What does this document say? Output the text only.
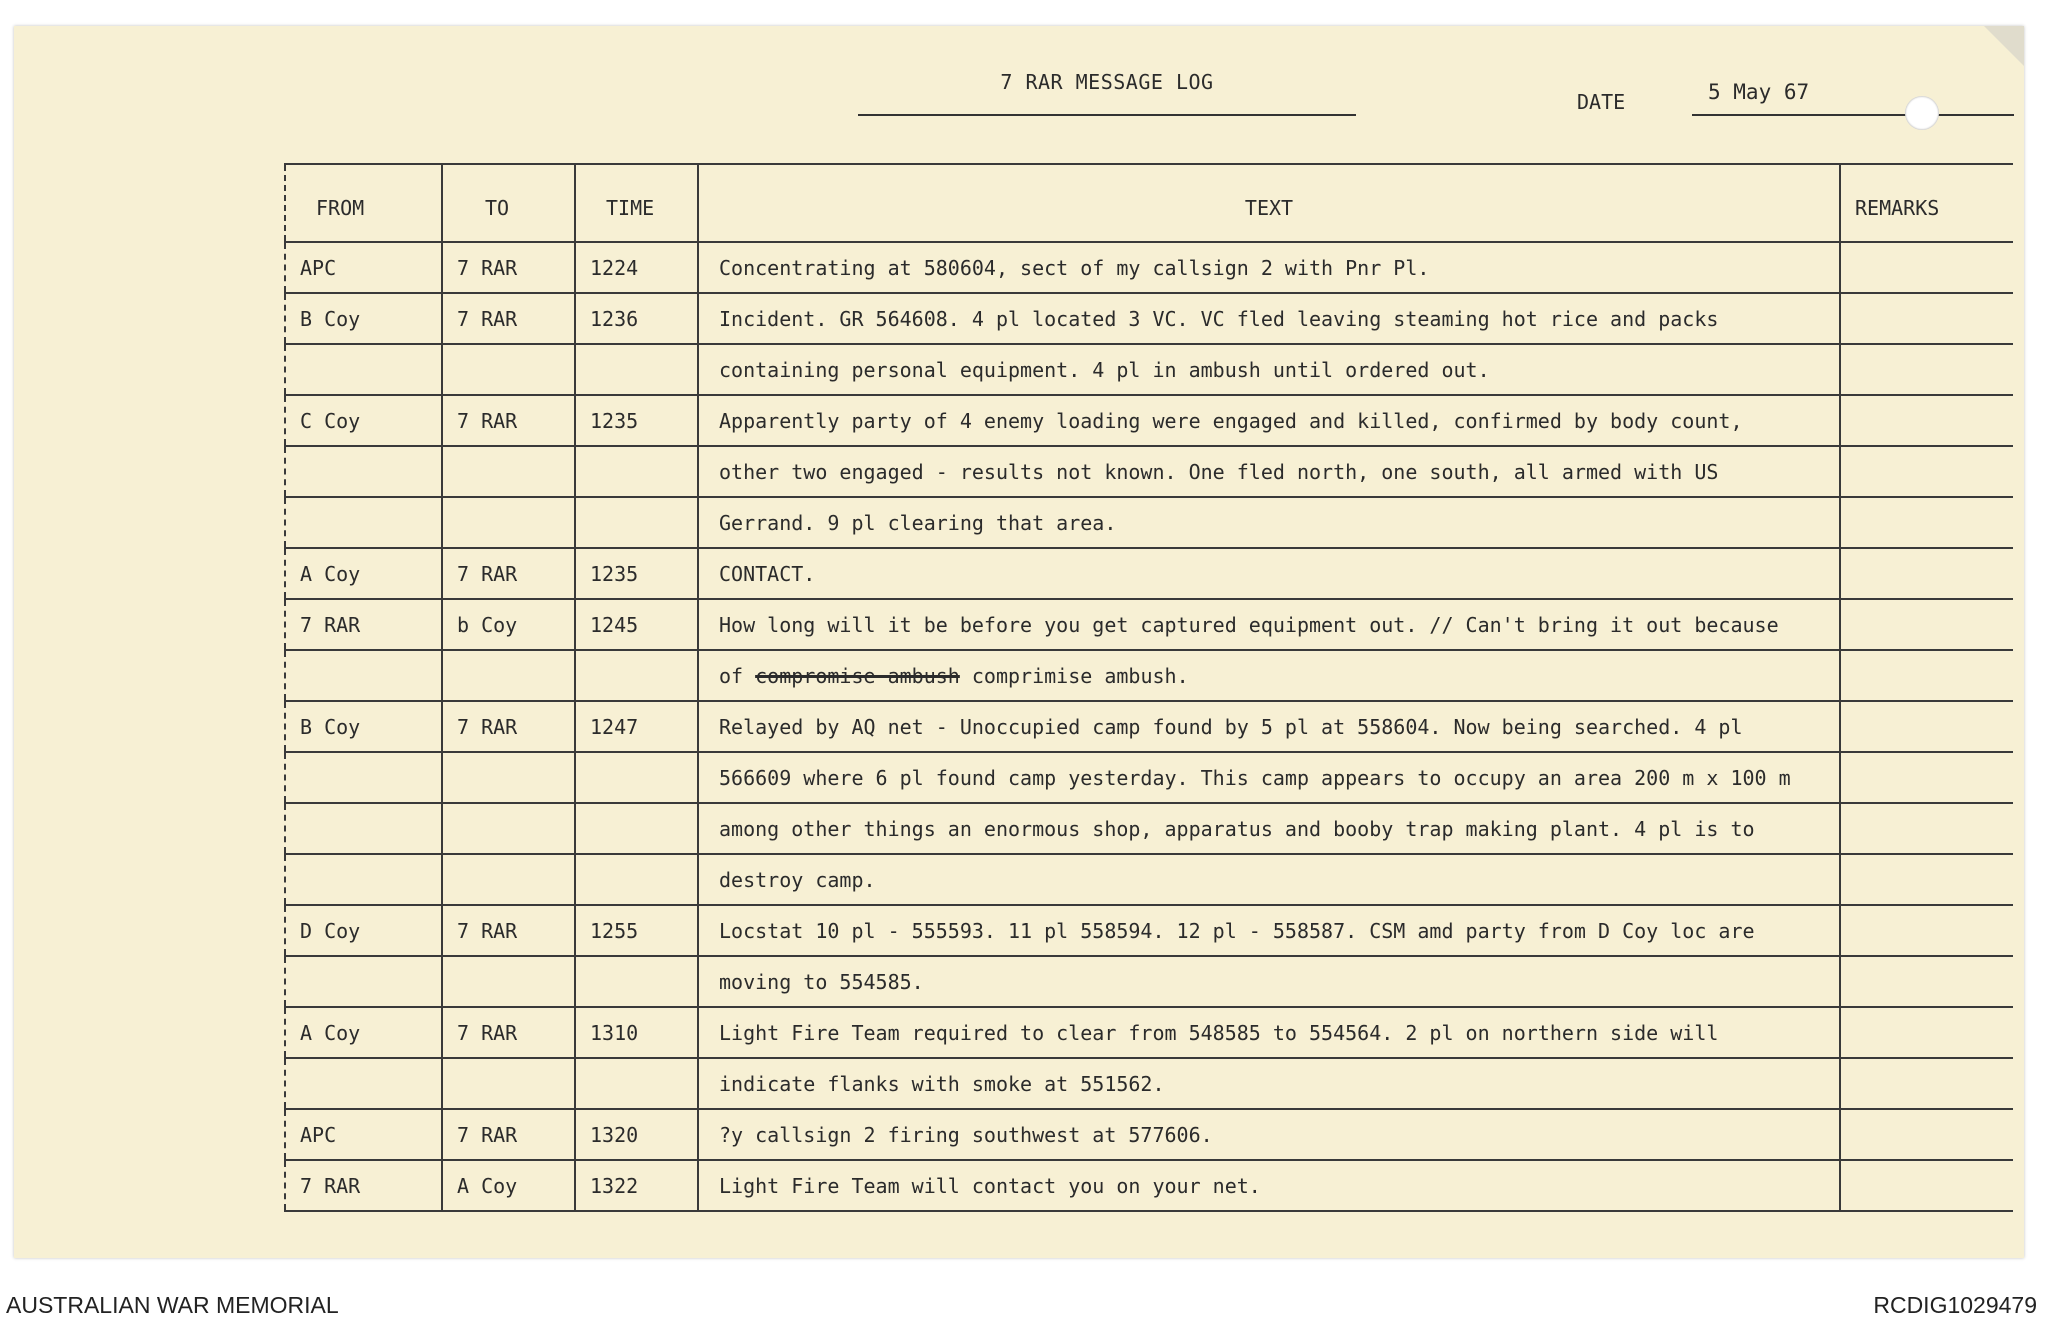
7 RAR MESSAGE LOG
DATE	5 May 67
FROM	TO	TIME	TEXT	REMARKS
APC	7 RAR	1224	Concentrating at 580604, sect of my callsign 2 with Pnr Pl.	
B Coy	7 RAR	1236	Incident. GR 564608. 4 pl located 3 VC. VC fled leaving steaming hot rice and packs	
			containing personal equipment. 4 pl in ambush until ordered out.	
C Coy	7 RAR	1235	Apparently party of 4 enemy loading were engaged and killed, confirmed by body count,	
			other two engaged - results not known. One fled north, one south, all armed with US	
			Gerrand. 9 pl clearing that area.	
A Coy	7 RAR	1235	CONTACT.	
7 RAR	b Coy	1245	How long will it be before you get captured equipment out. // Can't bring it out because	
			of compromise ambush comprimise ambush.	
B Coy	7 RAR	1247	Relayed by AQ net - Unoccupied camp found by 5 pl at 558604. Now being searched. 4 pl	
			566609 where 6 pl found camp yesterday. This camp appears to occupy an area 200 m x 100 m	
			among other things an enormous shop, apparatus and booby trap making plant. 4 pl is to	
			destroy camp.	
D Coy	7 RAR	1255	Locstat 10 pl - 555593. 11 pl 558594. 12 pl - 558587. CSM amd party from D Coy loc are	
			moving to 554585.	
A Coy	7 RAR	1310	Light Fire Team required to clear from 548585 to 554564. 2 pl on northern side will	
			indicate flanks with smoke at 551562.	
APC	7 RAR	1320	?y callsign 2 firing southwest at 577606.	
7 RAR	A Coy	1322	Light Fire Team will contact you on your net.	
AUSTRALIAN WAR MEMORIAL	RCDIG1029479
